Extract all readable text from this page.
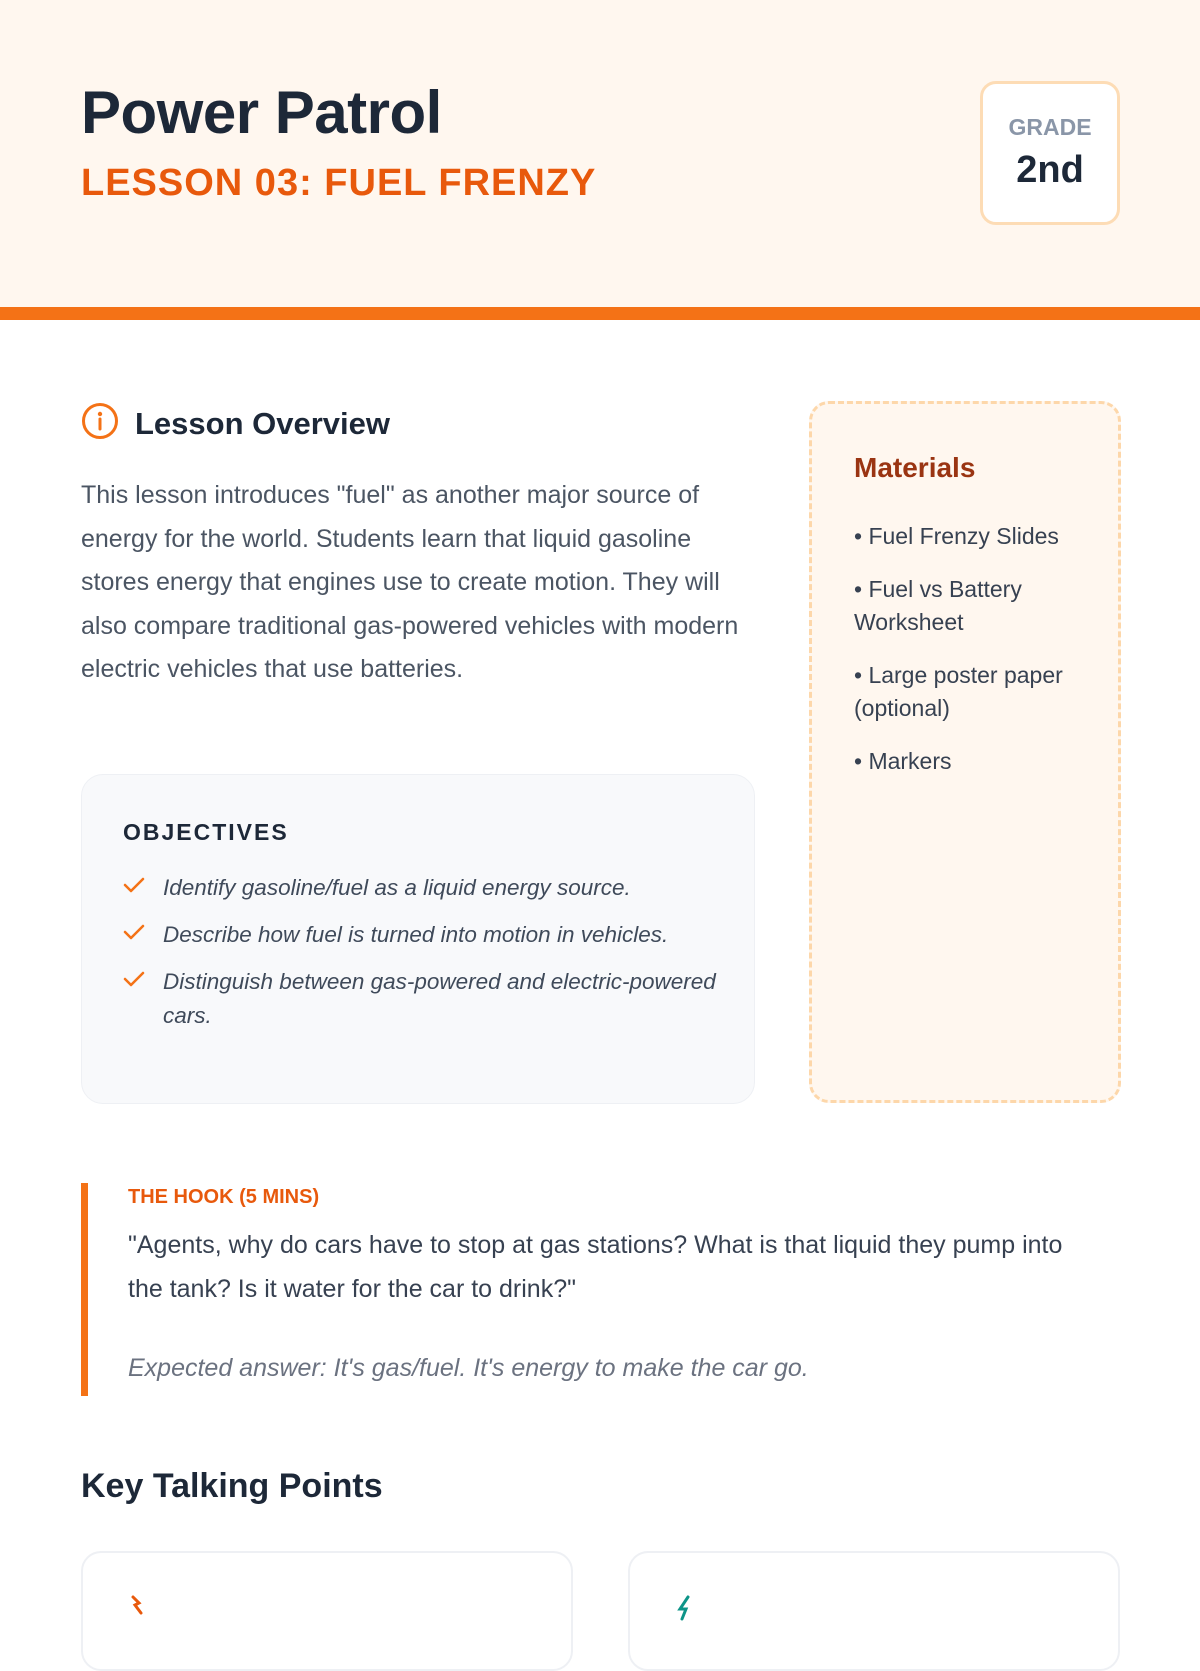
Power Patrol
LESSON 03: FUEL FRENZY
GRADE
2nd
Lesson Overview

This lesson introduces "fuel" as another major source of energy for the world. Students learn that liquid gasoline stores energy that engines use to create motion. They will also compare traditional gas-powered vehicles with modern electric vehicles that use batteries.

OBJECTIVES
Identify gasoline/fuel as a liquid energy source.
Describe how fuel is turned into motion in vehicles.
Distinguish between gas-powered and electric-powered cars.
Materials
• Fuel Frenzy Slides
• Fuel vs Battery Worksheet
• Large poster paper (optional)
• Markers
THE HOOK (5 MINS)

"Agents, why do cars have to stop at gas stations? What is that liquid they pump into the tank? Is it water for the car to drink?"

Expected answer: It's gas/fuel. It's energy to make the car go.

Key Talking Points
